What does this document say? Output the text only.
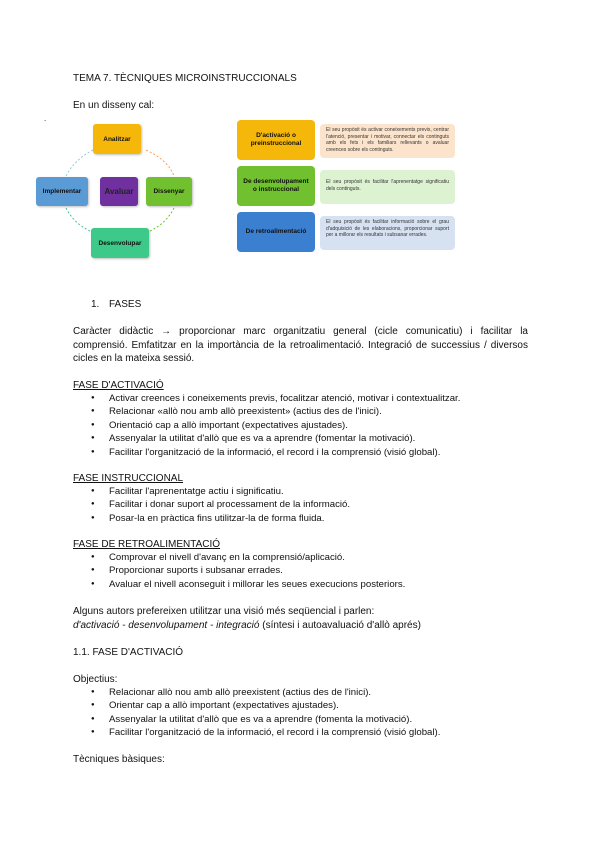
TEMA 7. TÈCNIQUES MICROINSTRUCCIONALS
En un disseny cal:
.
Analitzar
Implementar	Avaluar	Dissenyar
Desenvolupar
D'activació o preinstruccional
El seu propòsit és activar coneixements previs, centrar l'atenció, presentar i motivar, connectar els continguts amb els fets i els familiars rellevants o avaluar creences sobre els continguts.
De desenvolupament o instruccional
El seu propòsit és facilitar l'aprenentatge significatiu dels continguts.
De retroalimentació
El seu propòsit és facilitar informació sobre el grau d'adquisició de les elaboracions, proporcionar suport per a millorar els resultats i subsanar errades.
1. FASES
Caràcter didàctic → proporcionar marc organitzatiu general (cicle comunicatiu) i facilitar la comprensió. Emfatitzar en la importància de la retroalimentació. Integració de successius / diversos cicles en la mateixa sessió.
FASE D'ACTIVACIÓ
● Activar creences i coneixements previs, focalitzar atenció, motivar i contextualitzar.
● Relacionar «allò nou amb allò preexistent» (actius des de l'inici).
● Orientació cap a allò important (expectatives ajustades).
● Assenyalar la utilitat d'allò que es va a aprendre (fomentar la motivació).
● Facilitar l'organització de la informació, el record i la comprensió (visió global).
FASE INSTRUCCIONAL
● Facilitar l'aprenentatge actiu i significatiu.
● Facilitar i donar suport al processament de la informació.
● Posar-la en pràctica fins utilitzar-la de forma fluida.
FASE DE RETROALIMENTACIÓ
● Comprovar el nivell d'avanç en la comprensió/aplicació.
● Proporcionar suports i subsanar errades.
● Avaluar el nivell aconseguit i millorar les seues execucions posteriors.
Alguns autors prefereixen utilitzar una visió més seqüencial i parlen:
d'activació - desenvolupament - integració (síntesi i autoavaluació d'allò aprés)
1.1. FASE D'ACTIVACIÓ
Objectius:
● Relacionar allò nou amb allò preexistent (actius des de l'inici).
● Orientar cap a allò important (expectatives ajustades).
● Assenyalar la utilitat d'allò que es va a aprendre (fomenta la motivació).
● Facilitar l'organització de la informació, el record i la comprensió (visió global).
Tècniques bàsiques:
